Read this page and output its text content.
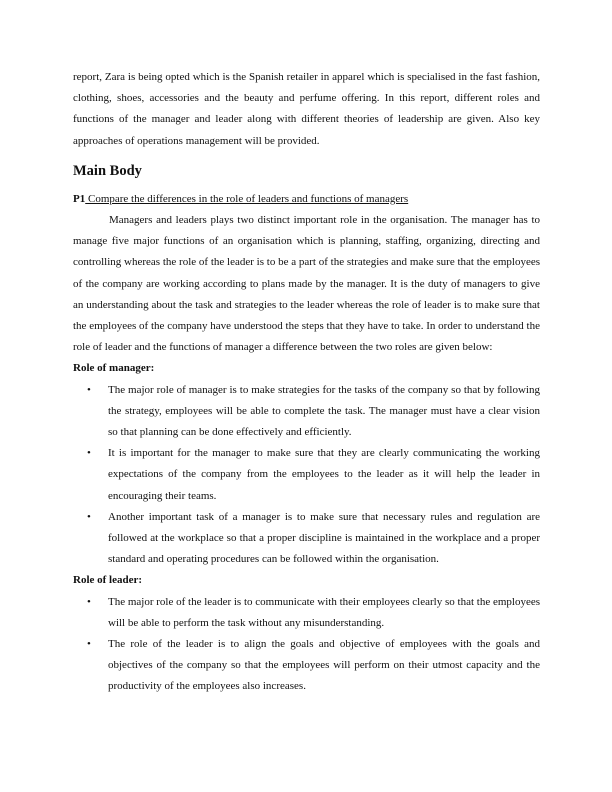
report, Zara is being opted which is the Spanish retailer in apparel which is specialised in the fast fashion, clothing, shoes, accessories and the beauty and perfume offering. In this report, different roles and functions of the manager and leader along with different theories of leadership are given. Also key approaches of operations management will be provided.

Main Body

P1 Compare the differences in the role of leaders and functions of managers

Managers and leaders plays two distinct important role in the organisation. The manager has to manage five major functions of an organisation which is planning, staffing, organizing, directing and controlling whereas the role of the leader is to be a part of the strategies and make sure that the employees of the company are working according to plans made by the manager. It is the duty of managers to give an understanding about the task and strategies to the leader whereas the role of leader is to make sure that the employees of the company have understood the steps that they have to take. In order to understand the role of leader and the functions of manager a difference between the two roles are given below:

Role of manager:
• The major role of manager is to make strategies for the tasks of the company so that by following the strategy, employees will be able to complete the task. The manager must have a clear vision so that planning can be done effectively and efficiently.
• It is important for the manager to make sure that they are clearly communicating the working expectations of the company from the employees to the leader as it will help the leader in encouraging their teams.
• Another important task of a manager is to make sure that necessary rules and regulation are followed at the workplace so that a proper discipline is maintained in the workplace and a proper standard and operating procedures can be followed within the organisation.
Role of leader:
• The major role of the leader is to communicate with their employees clearly so that the employees will be able to perform the task without any misunderstanding.
• The role of the leader is to align the goals and objective of employees with the goals and objectives of the company so that the employees will perform on their utmost capacity and the productivity of the employees also increases.
